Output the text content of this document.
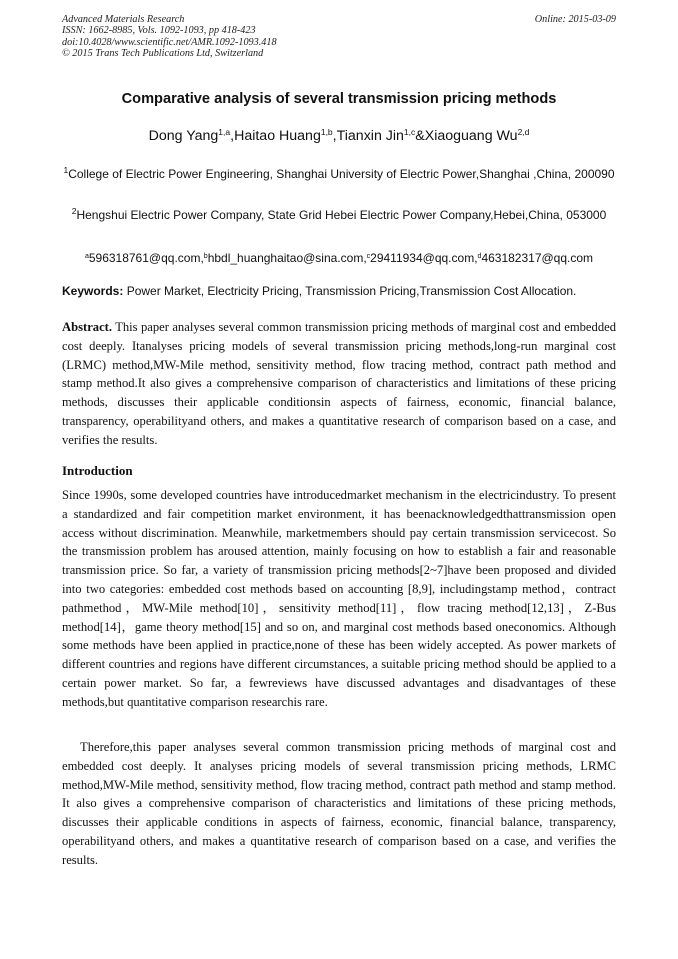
Advanced Materials Research
ISSN: 1662-8985, Vols. 1092-1093, pp 418-423
doi:10.4028/www.scientific.net/AMR.1092-1093.418
© 2015 Trans Tech Publications Ltd, Switzerland
Online: 2015-03-09
Comparative analysis of several transmission pricing methods
Dong Yang$^{1,a}$,Haitao Huang$^{1,b}$,Tianxin Jin$^{1,c}$&Xiaoguang Wu$^{2,d}$
$^1$College of Electric Power Engineering, Shanghai University of Electric Power,Shanghai ,China, 200090
$^2$Hengshui Electric Power Company, State Grid Hebei Electric Power Company,Hebei,China, 053000
$^a$596318761@qq.com,$^b$hbdl_huanghaitao@sina.com,$^c$29411934@qq.com,$^d$463182317@qq.com
Keywords: Power Market, Electricity Pricing, Transmission Pricing,Transmission Cost Allocation.

Abstract. This paper analyses several common transmission pricing methods of marginal cost and embedded cost deeply. Itanalyses pricing models of several transmission pricing methods,long-run marginal cost (LRMC) method,MW-Mile method, sensitivity method, flow tracing method, contract path method and stamp method.It also gives a comprehensive comparison of characteristics and limitations of these pricing methods, discusses their applicable conditionsin aspects of fairness, economic, financial balance, transparency, operabilityand others, and makes a quantitative research of comparison based on a case, and verifies the results.

Introduction

Since 1990s, some developed countries have introducedmarket mechanism in the electricindustry. To present a standardized and fair competition market environment, it has beenacknowledgedthattransmission open access without discrimination. Meanwhile, marketmembers should pay certain transmission servicecost. So the transmission problem has aroused attention, mainly focusing on how to establish a fair and reasonable transmission price. So far, a variety of transmission pricing methods[2~7]have been proposed and divided into two categories: embedded cost methods based on accounting [8,9], includingstamp method，contract pathmethod，MW-Mile method[10]，sensitivity method[11]，flow tracing method[12,13]，Z-Bus method[14]，game theory method[15] and so on, and marginal cost methods based oneconomics. Although some methods have been applied in practice,none of these has been widely accepted. As power markets of different countries and regions have different circumstances, a suitable pricing method should be applied to a certain power market. So far, a fewreviews have discussed advantages and disadvantages of these methods,but quantitative comparison researchis rare.

Therefore,this paper analyses several common transmission pricing methods of marginal cost and embedded cost deeply. It analyses pricing models of several transmission pricing methods, LRMC method,MW-Mile method, sensitivity method, flow tracing method, contract path method and stamp method. It also gives a comprehensive comparison of characteristics and limitations of these pricing methods, discusses their applicable conditions in aspects of fairness, economic, financial balance, transparency, operabilityand others, and makes a quantitative research of comparison based on a case, and verifies the results.
